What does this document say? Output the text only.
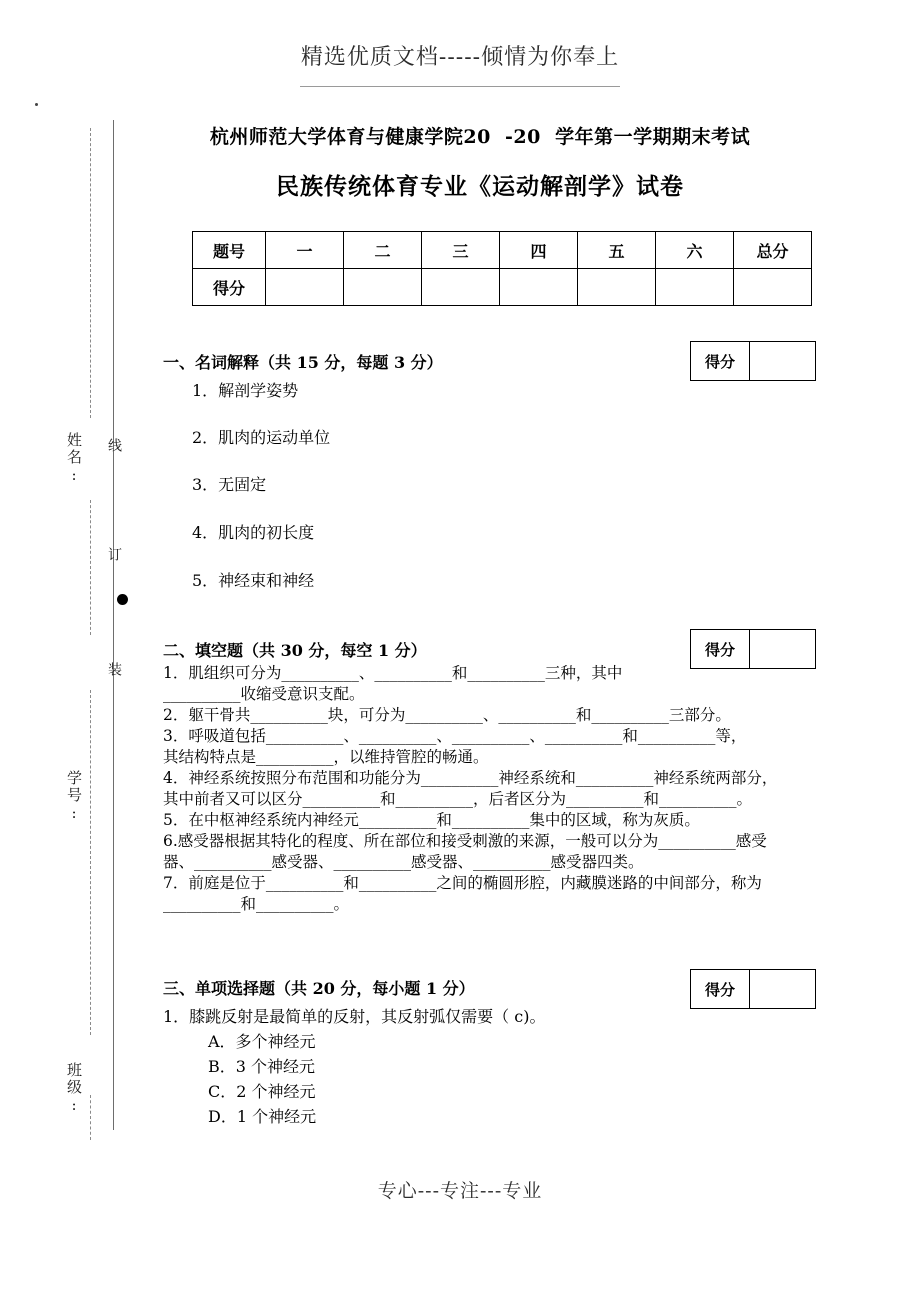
精选优质文档-----倾情为你奉上
姓名:
学号:
班级:
线
订
装
杭州师范大学体育与健康学院20  -20  学年第一学期期末考试
民族传统体育专业《运动解剖学》试卷
题号	一	二	三	四	五	六	总分
得分							
得分
一、名词解释（共 15 分，每题 3 分）
1．解剖学姿势
2．肌肉的运动单位
3．无固定
4．肌肉的初长度
5．神经束和神经
得分
二、填空题（共 30 分，每空 1 分）
1．肌组织可分为__________、__________和__________三种，其中
__________收缩受意识支配。
2．躯干骨共__________块，可分为__________、__________和__________三部分。
3．呼吸道包括__________、__________、__________、__________和__________等，
其结构特点是__________，以维持管腔的畅通。
4．神经系统按照分布范围和功能分为__________神经系统和__________神经系统两部分，
其中前者又可以区分__________和__________，后者区分为__________和__________。
5．在中枢神经系统内神经元__________和__________集中的区域，称为灰质。
6.感受器根据其特化的程度、所在部位和接受刺激的来源，一般可以分为__________感受
器、__________感受器、__________感受器、__________感受器四类。
7．前庭是位于__________和__________之间的椭圆形腔，内藏膜迷路的中间部分，称为
__________和__________。
得分
三、单项选择题（共 20 分，每小题 1 分）
1．膝跳反射是最简单的反射，其反射弧仅需要（ c)。
A．多个神经元
B．3 个神经元
C．2 个神经元
D．1 个神经元
专心---专注---专业
